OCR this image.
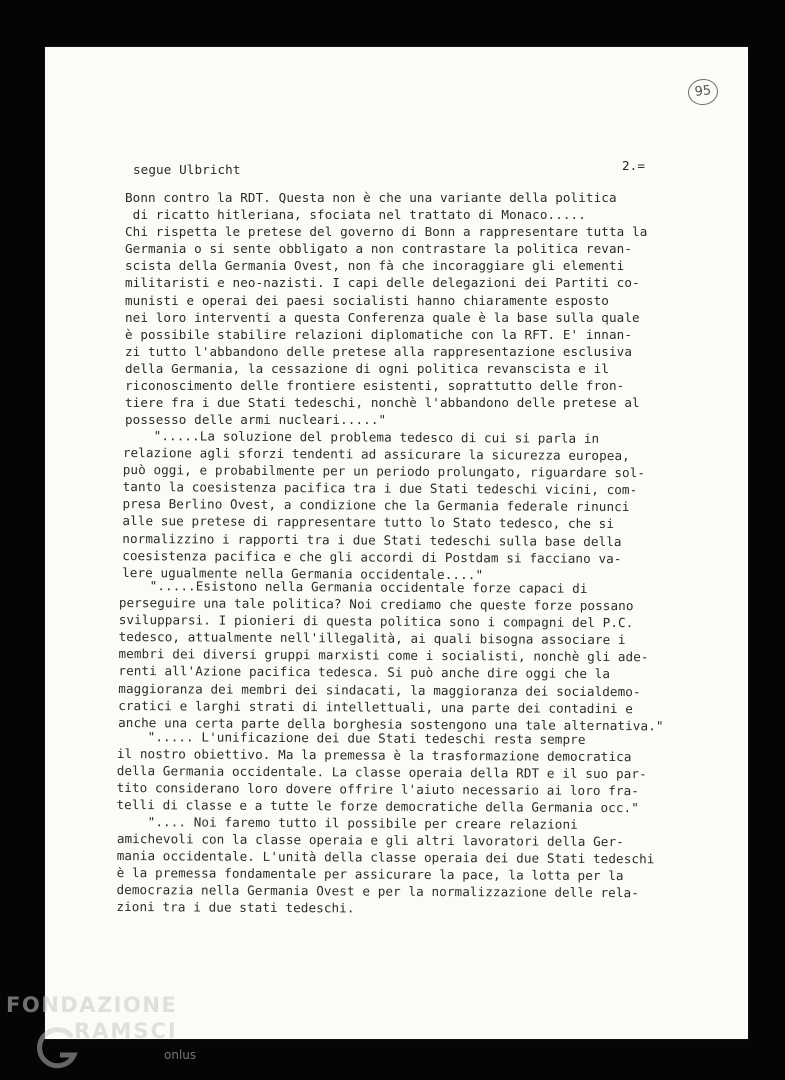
95
segue Ulbricht	2.=
Bonn contro la RDT. Questa non è che una variante della politica
di ricatto hitleriana, sfociata nel trattato di Monaco.....
Chi rispetta le pretese del governo di Bonn a rappresentare tutta la
Germania o si sente obbligato a non contrastare la politica revan-
scista della Germania Ovest, non fà che incoraggiare gli elementi
militaristi e neo-nazisti. I capi delle delegazioni dei Partiti co-
munisti e operai dei paesi socialisti hanno chiaramente esposto
nei loro interventi a questa Conferenza quale è la base sulla quale
è possibile stabilire relazioni diplomatiche con la RFT. E' innan-
zi tutto l'abbandono delle pretese alla rappresentazione esclusiva
della Germania, la cessazione di ogni politica revanscista e il
riconoscimento delle frontiere esistenti, soprattutto delle fron-
tiere fra i due Stati tedeschi, nonchè l'abbandono delle pretese al
possesso delle armi nucleari....."
".....La soluzione del problema tedesco di cui si parla in
relazione agli sforzi tendenti ad assicurare la sicurezza europea,
può oggi, e probabilmente per un periodo prolungato, riguardare sol-
tanto la coesistenza pacifica tra i due Stati tedeschi vicini, com-
presa Berlino Ovest, a condizione che la Germania federale rinunci
alle sue pretese di rappresentare tutto lo Stato tedesco, che si
normalizzino i rapporti tra i due Stati tedeschi sulla base della
coesistenza pacifica e che gli accordi di Postdam si facciano va-
lere ugualmente nella Germania occidentale...."
".....Esistono nella Germania occidentale forze capaci di
perseguire una tale politica? Noi crediamo che queste forze possano
svilupparsi. I pionieri di questa politica sono i compagni del P.C.
tedesco, attualmente nell'illegalità, ai quali bisogna associare i
membri dei diversi gruppi marxisti come i socialisti, nonchè gli ade-
renti all'Azione pacifica tedesca. Si può anche dire oggi che la
maggioranza dei membri dei sindacati, la maggioranza dei socialdemo-
cratici e larghi strati di intellettuali, una parte dei contadini e
anche una certa parte della borghesia sostengono una tale alternativa."
"..... L'unificazione dei due Stati tedeschi resta sempre
il nostro obiettivo. Ma la premessa è la trasformazione democratica
della Germania occidentale. La classe operaia della RDT e il suo par-
tito considerano loro dovere offrire l'aiuto necessario ai loro fra-
telli di classe e a tutte le forze democratiche della Germania occ."
".... Noi faremo tutto il possibile per creare relazioni
amichevoli con la classe operaia e gli altri lavoratori della Ger-
mania occidentale. L'unità della classe operaia dei due Stati tedeschi
è la premessa fondamentale per assicurare la pace, la lotta per la
democrazia nella Germania Ovest e per la normalizzazione delle rela-
zioni tra i due stati tedeschi.
FONDAZIONE
RAMSCI
onlus
